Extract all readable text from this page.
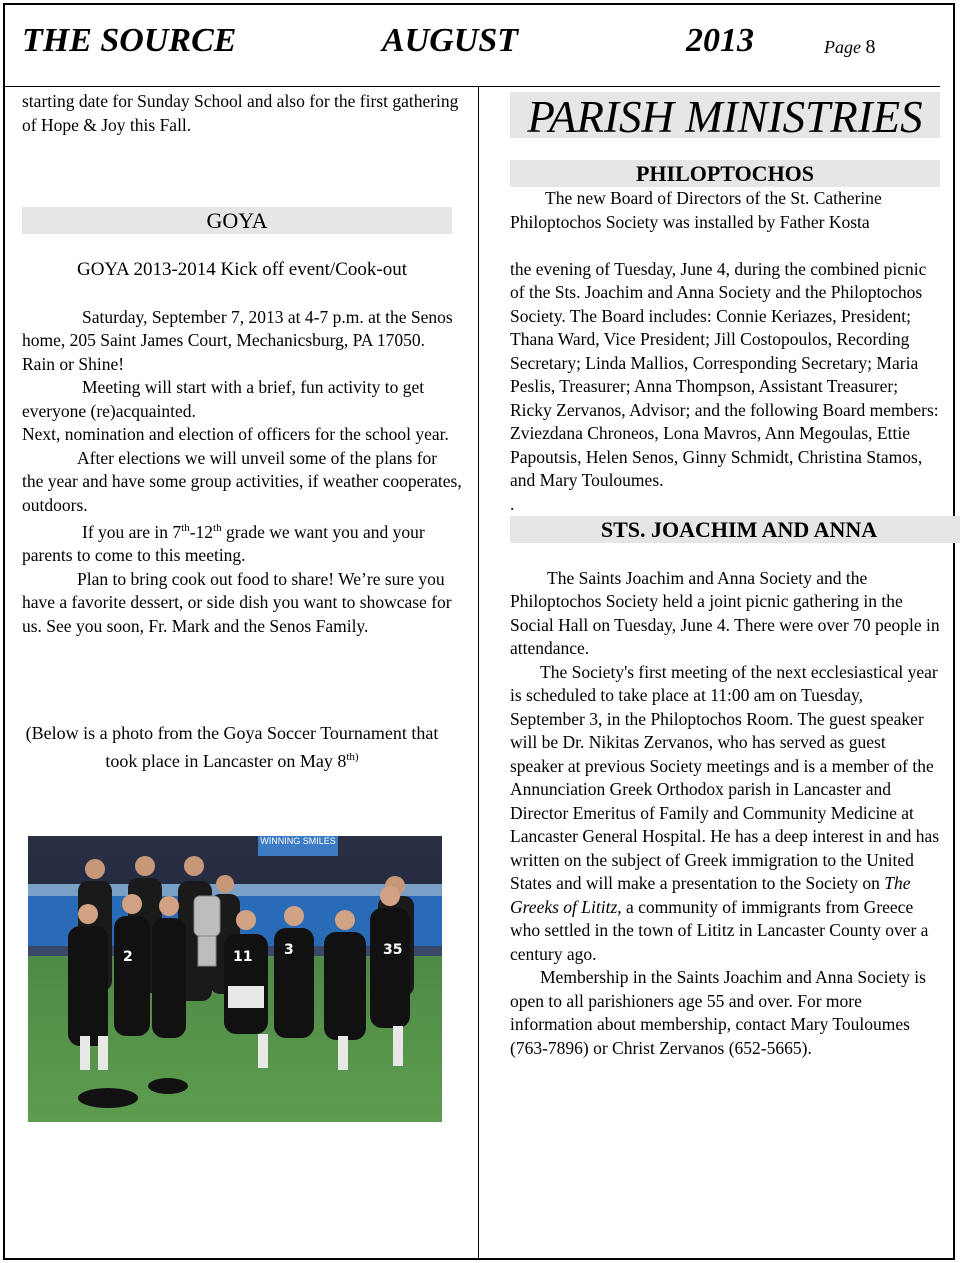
THE SOURCE	AUGUST	2013	Page 8

starting date for Sunday School and also for the first gathering of Hope & Joy this Fall.

GOYA

GOYA 2013-2014 Kick off event/Cook-out

Saturday, September 7, 2013 at 4-7 p.m. at the Senos home, 205 Saint James Court, Mechanicsburg, PA 17050. Rain or Shine!

Meeting will start with a brief, fun activity to get everyone (re)acquainted.

Next, nomination and election of officers for the school year.

After elections we will unveil some of the plans for the year and have some group activities, if weather cooperates, outdoors.

If you are in 7th-12th grade we want you and your parents to come to this meeting.

Plan to bring cook out food to share! We’re sure you have a favorite dessert, or side dish you want to showcase for us. See you soon, Fr. Mark and the Senos Family.

(Below is a photo from the Goya Soccer Tournament that took place in Lancaster on May $8^{th)}$

WINNING SMILES
11 3	35
2
PARISH MINISTRIES
PHILOPTOCHOS

The new Board of Directors of the St. Catherine Philoptochos Society was installed by Father Kosta

the evening of Tuesday, June 4, during the combined picnic of the Sts. Joachim and Anna Society and the Philoptochos Society. The Board includes: Connie Keriazes, President; Thana Ward, Vice President; Jill Costopoulos, Recording Secretary; Linda Mallios, Corresponding Secretary; Maria Peslis, Treasurer; Anna Thompson, Assistant Treasurer; Ricky Zervanos, Advisor; and the following Board members: Zviezdana Chroneos, Lona Mavros, Ann Megoulas, Ettie Papoutsis, Helen Senos, Ginny Schmidt, Christina Stamos, and Mary Touloumes.

.

STS. JOACHIM AND ANNA

The Saints Joachim and Anna Society and the Philoptochos Society held a joint picnic gathering in the Social Hall on Tuesday, June 4. There were over 70 people in attendance.

The Society's first meeting of the next ecclesiastical year is scheduled to take place at 11:00 am on Tuesday, September 3, in the Philoptochos Room. The guest speaker will be Dr. Nikitas Zervanos, who has served as guest speaker at previous Society meetings and is a member of the Annunciation Greek Orthodox parish in Lancaster and Director Emeritus of Family and Community Medicine at Lancaster General Hospital. He has a deep interest in and has written on the subject of Greek immigration to the United States and will make a presentation to the Society on The Greeks of Lititz, a community of immigrants from Greece who settled in the town of Lititz in Lancaster County over a century ago.

Membership in the Saints Joachim and Anna Society is open to all parishioners age 55 and over. For more information about membership, contact Mary Touloumes (763-7896) or Christ Zervanos (652-5665).
